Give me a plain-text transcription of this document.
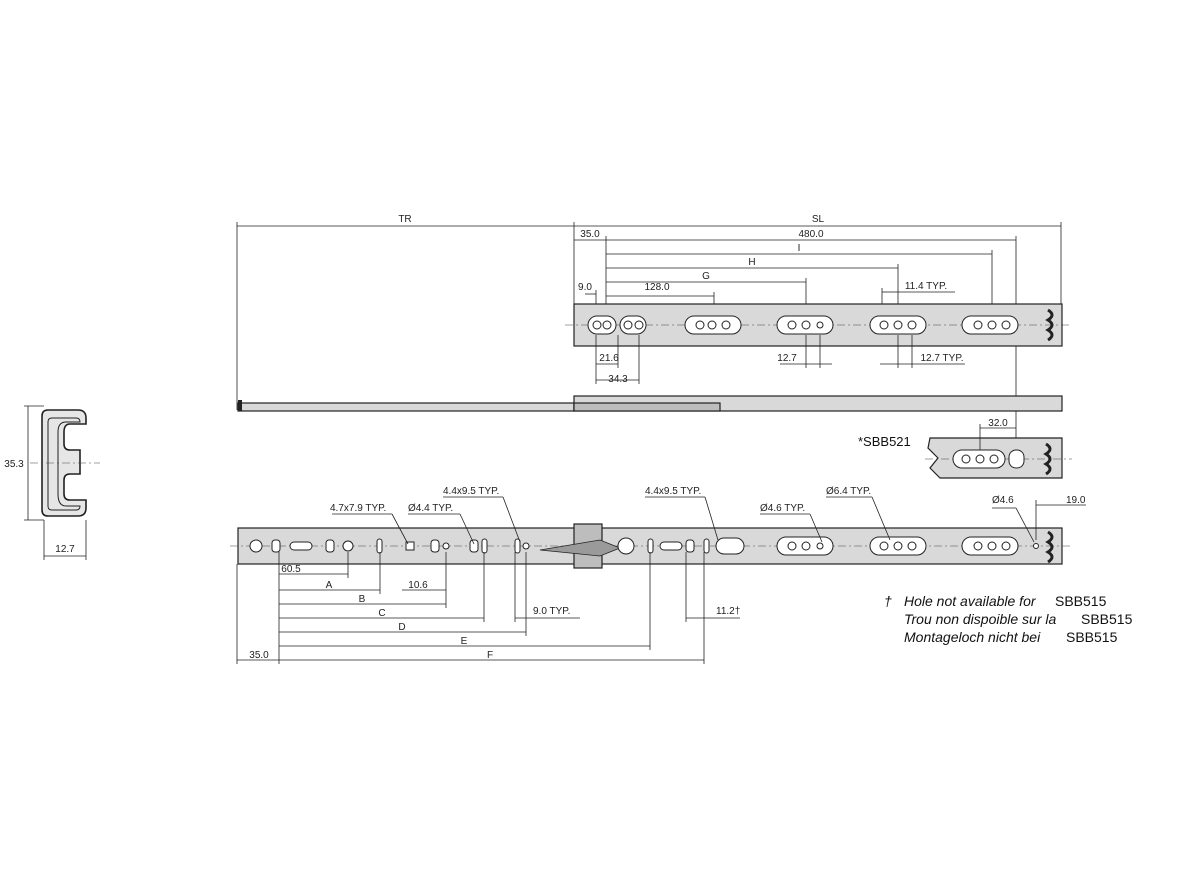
TR	SL
35.0	480.0
I
H
G
9.0	128.0	11.4 TYP.
21.6	12.7	12.7 TYP.
34.3
32.0
*SBB521
35.3
12.7
4.7x7.9 TYP. Ø4.4 TYP.
4.4x9.5 TYP.	4.4x9.5 TYP.
Ø4.6 TYP.
Ø6.4 TYP.
Ø4.6	19.0
60.5
A
B
C
D
E
F
10.6
9.0 TYP.	11.2†
35.0
† Hole not available for SBB515
Trou non dispoible sur la SBB515
Montageloch nicht bei SBB515
